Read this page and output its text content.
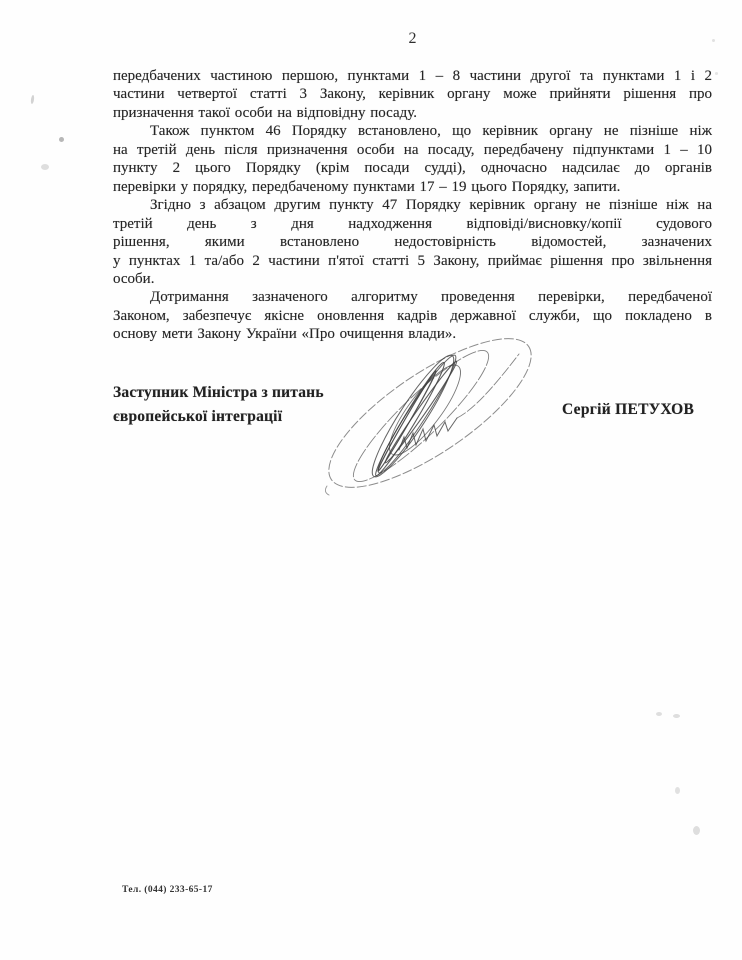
2
передбачених частиною першою, пунктами 1 – 8 частини другої та пунктами 1 і 2
частини четвертої статті 3 Закону, керівник органу може прийняти рішення про
призначення такої особи на відповідну посаду.
Також пунктом 46 Порядку встановлено, що керівник органу не пізніше ніж
на третій день після призначення особи на посаду, передбачену підпунктами 1 – 10
пункту 2 цього Порядку (крім посади судді), одночасно надсилає до органів
перевірки у порядку, передбаченому пунктами 17 – 19 цього Порядку, запити.
Згідно з абзацом другим пункту 47 Порядку керівник органу не пізніше ніж на
третій день з дня надходження відповіді/висновку/копії судового
рішення, якими встановлено недостовірність відомостей, зазначених
у пунктах 1 та/або 2 частини п'ятої статті 5 Закону, приймає рішення про звільнення
особи.
Дотримання зазначеного алгоритму проведення перевірки, передбаченої
Законом, забезпечує якісне оновлення кадрів державної служби, що покладено в
основу мети Закону України «Про очищення влади».
Заступник Міністра з питань
європейської інтеграції	Сергій ПЕТУХОВ
Тел. (044) 233-65-17
